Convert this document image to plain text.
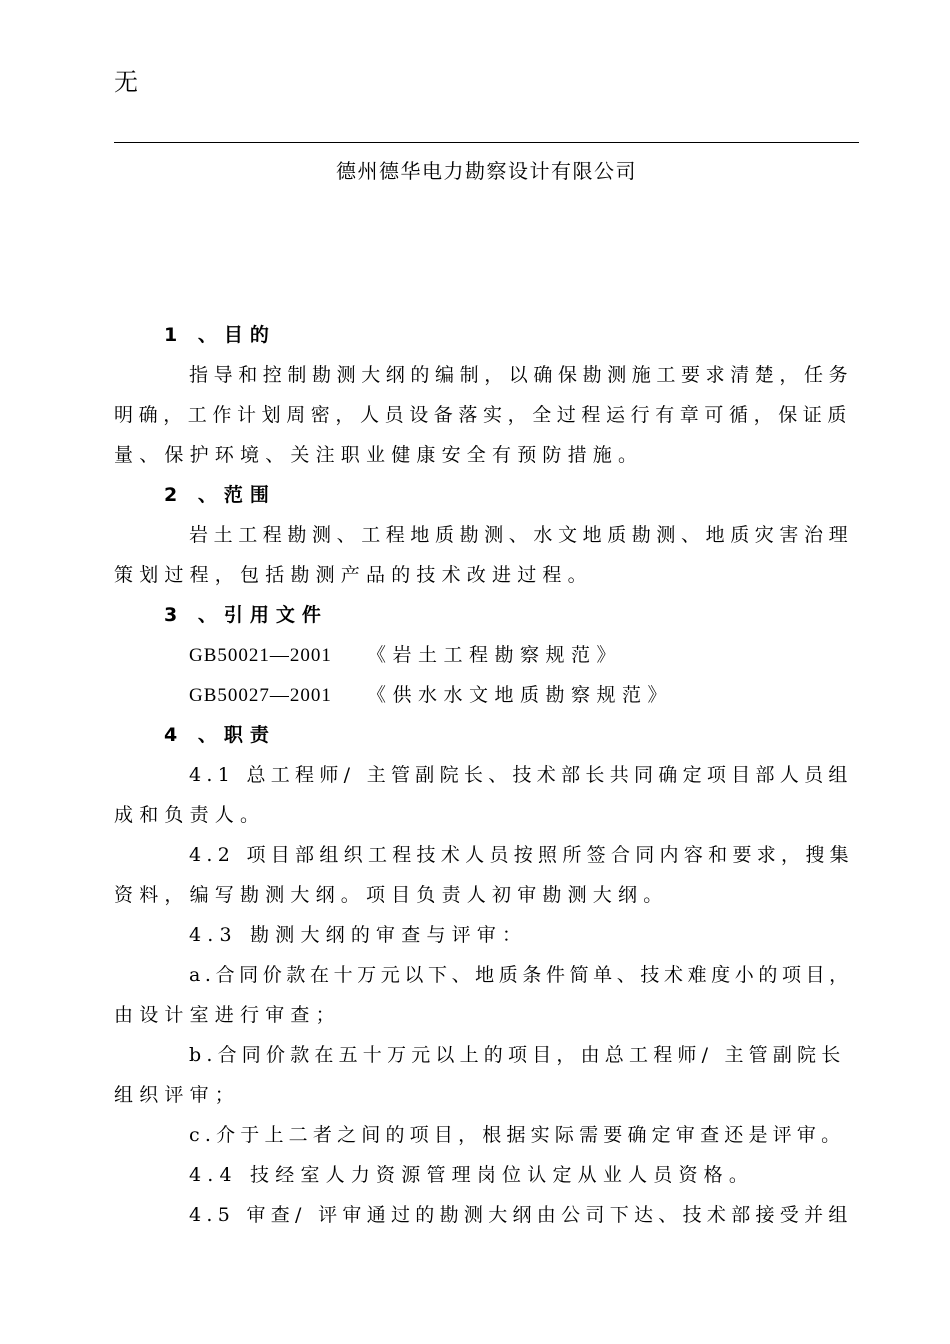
无
德州德华电力勘察设计有限公司
1 、目的
指导和控制勘测大纲的编制，以确保勘测施工要求清楚，任务
明确，工作计划周密，人员设备落实，全过程运行有章可循，保证质
量、保护环境、关注职业健康安全有预防措施。
2 、范围
岩土工程勘测、工程地质勘测、水文地质勘测、地质灾害治理
策划过程，包括勘测产品的技术改进过程。
3 、引用文件
GB50021—2001 《岩土工程勘察规范》
GB50027—2001 《供水水文地质勘察规范》
4 、职责
4.1 总工程师/ 主管副院长、技术部长共同确定项目部人员组
成和负责人。
4.2 项目部组织工程技术人员按照所签合同内容和要求，搜集
资料，编写勘测大纲。项目负责人初审勘测大纲。
4.3 勘测大纲的审查与评审：
a.合同价款在十万元以下、地质条件简单、技术难度小的项目，
由设计室进行审查；
b.合同价款在五十万元以上的项目，由总工程师/ 主管副院长
组织评审；
c.介于上二者之间的项目，根据实际需要确定审查还是评审。
4.4 技经室人力资源管理岗位认定从业人员资格。
4.5 审查/ 评审通过的勘测大纲由公司下达、技术部接受并组
